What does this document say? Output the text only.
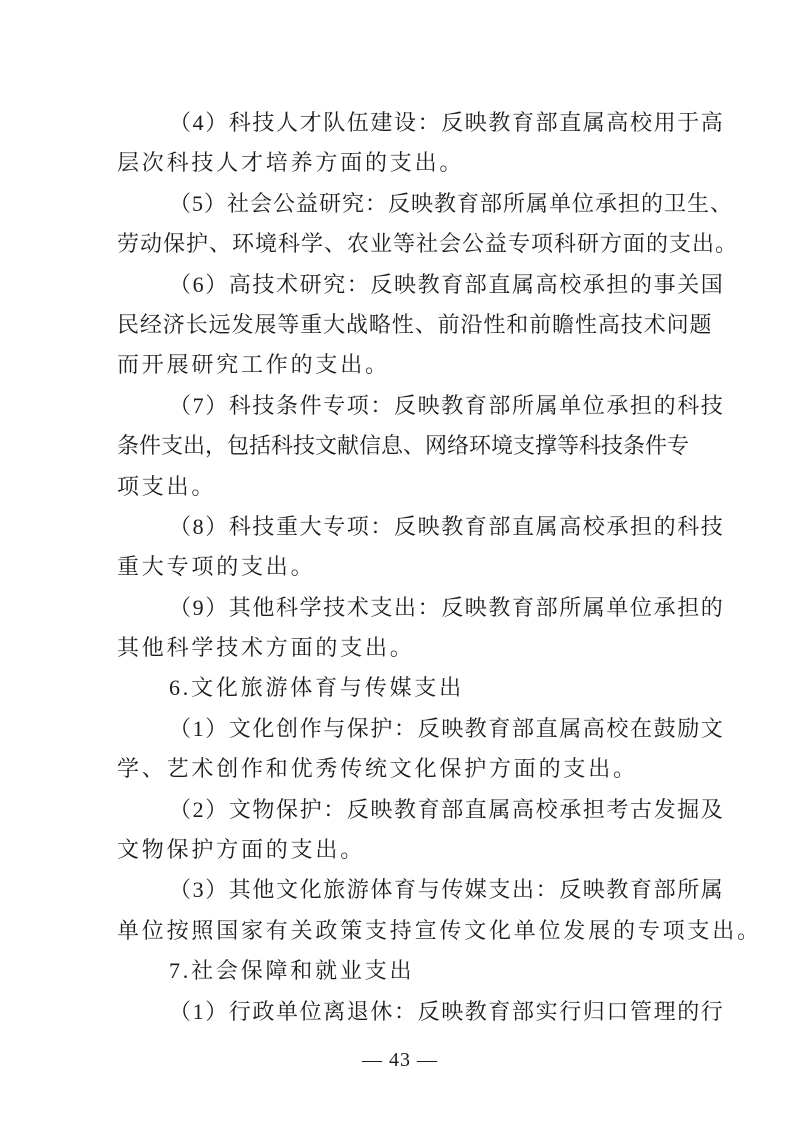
（4）科技人才队伍建设：反映教育部直属高校用于高
层次科技人才培养方面的支出。
（5）社会公益研究：反映教育部所属单位承担的卫生、
劳动保护、环境科学、农业等社会公益专项科研方面的支出。
（6）高技术研究：反映教育部直属高校承担的事关国
民经济长远发展等重大战略性、前沿性和前瞻性高技术问题
而开展研究工作的支出。
（7）科技条件专项：反映教育部所属单位承担的科技
条件支出，包括科技文献信息、网络环境支撑等科技条件专
项支出。
（8）科技重大专项：反映教育部直属高校承担的科技
重大专项的支出。
（9）其他科学技术支出：反映教育部所属单位承担的
其他科学技术方面的支出。
6.文化旅游体育与传媒支出
（1）文化创作与保护：反映教育部直属高校在鼓励文
学、艺术创作和优秀传统文化保护方面的支出。
（2）文物保护：反映教育部直属高校承担考古发掘及
文物保护方面的支出。
（3）其他文化旅游体育与传媒支出：反映教育部所属
单位按照国家有关政策支持宣传文化单位发展的专项支出。
7.社会保障和就业支出
（1）行政单位离退休：反映教育部实行归口管理的行
— 43 —
